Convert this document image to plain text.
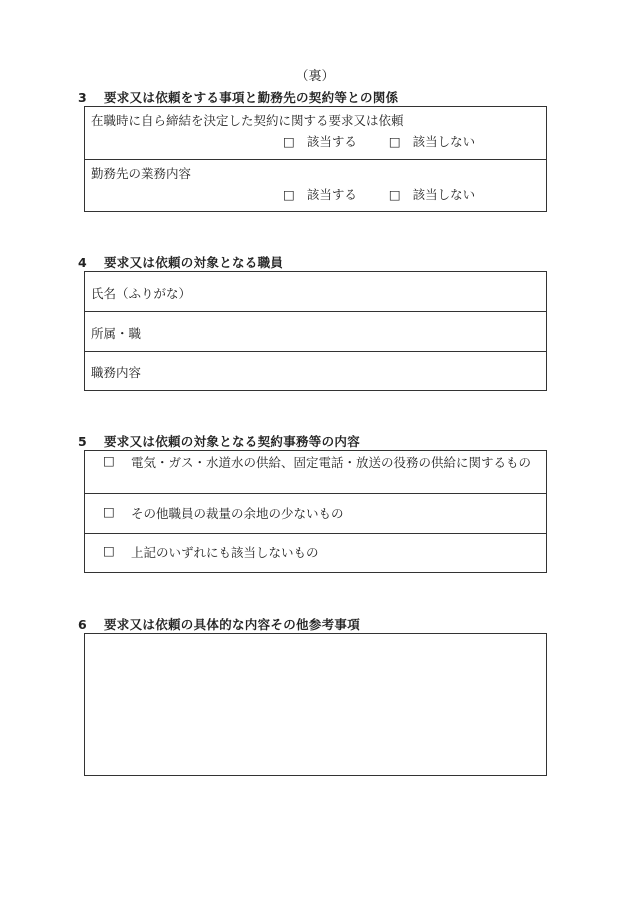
（裏）
3 要求又は依頼をする事項と勤務先の契約等との関係
在職時に自ら締結を決定した契約に関する要求又は依頼
□ 該当する	□ 該当しない
勤務先の業務内容
□ 該当する	□ 該当しない
4 要求又は依頼の対象となる職員
氏名（ふりがな）
所属・職
職務内容
5 要求又は依頼の対象となる契約事務等の内容
□ 電気・ガス・水道水の供給、固定電話・放送の役務の供給に関するもの
□ その他職員の裁量の余地の少ないもの
□ 上記のいずれにも該当しないもの
6 要求又は依頼の具体的な内容その他参考事項
